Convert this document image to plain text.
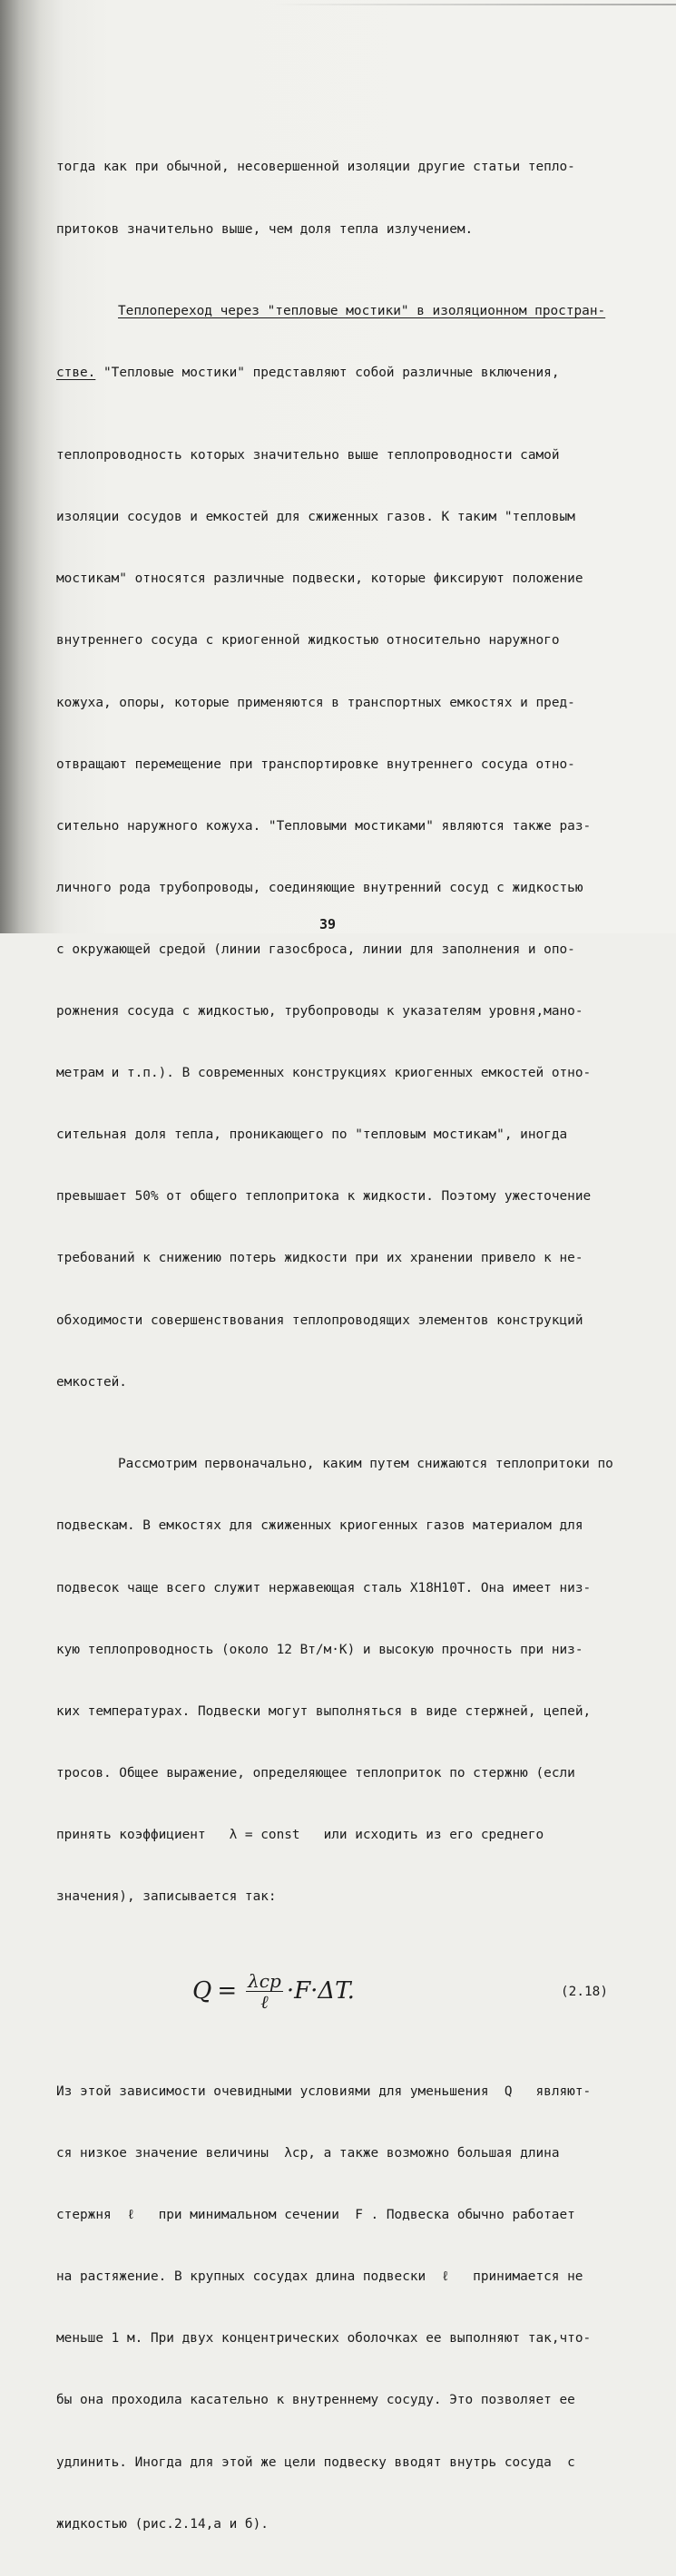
тогда как при обычной, несовершенной изоляции другие статьи тепло-

притоков значительно выше, чем доля тепла излучением.

Теплопереход через "тепловые мостики" в изоляционном простран-

стве. "Тепловые мостики" представляют собой различные включения,

теплопроводность которых значительно выше теплопроводности самой

изоляции сосудов и емкостей для сжиженных газов. К таким "тепловым

мостикам" относятся различные подвески, которые фиксируют положение

внутреннего сосуда с криогенной жидкостью относительно наружного

кожуха, опоры, которые применяются в транспортных емкостях и пред-

отвращают перемещение при транспортировке внутреннего сосуда отно-

сительно наружного кожуха. "Тепловыми мостиками" являются также раз-

личного рода трубопроводы, соединяющие внутренний сосуд с жидкостью

с окружающей средой (линии газосброса, линии для заполнения и опо-

рожнения сосуда с жидкостью, трубопроводы к указателям уровня,мано-

метрам и т.п.). В современных конструкциях криогенных емкостей отно-

сительная доля тепла, проникающего по "тепловым мостикам", иногда

превышает 50% от общего теплопритока к жидкости. Поэтому ужесточение

требований к снижению потерь жидкости при их хранении привело к не-

обходимости совершенствования теплопроводящих элементов конструкций

емкостей.

Рассмотрим первоначально, каким путем снижаются теплопритоки по

подвескам. В емкостях для сжиженных криогенных газов материалом для

подвесок чаще всего служит нержавеющая сталь Х18Н10Т. Она имеет низ-

кую теплопроводность (около 12 Вт/м·К) и высокую прочность при низ-

ких температурах. Подвески могут выполняться в виде стержней, цепей,

тросов. Общее выражение, определяющее теплоприток по стержню (если

принять коэффициент   λ = const   или исходить из его среднего

значения), записывается так:

$Q = \frac{\text{λср}}{\text{ℓ}} \cdot F\cdot\Delta T$.

	(2.18)

Из этой зависимости очевидными условиями для уменьшения  Q   являют-

ся низкое значение величины  λср, а также возможно большая длина

стержня  ℓ   при минимальном сечении  F . Подвеска обычно работает

на растяжение. В крупных сосудах длина подвески  ℓ   принимается не

меньше 1 м. При двух концентрических оболочках ее выполняют так,что-

бы она проходила касательно к внутреннему сосуду. Это позволяет ее

удлинить. Иногда для этой же цели подвеску вводят внутрь сосуда  с

жидкостью (рис.2.14,а и б).

39
